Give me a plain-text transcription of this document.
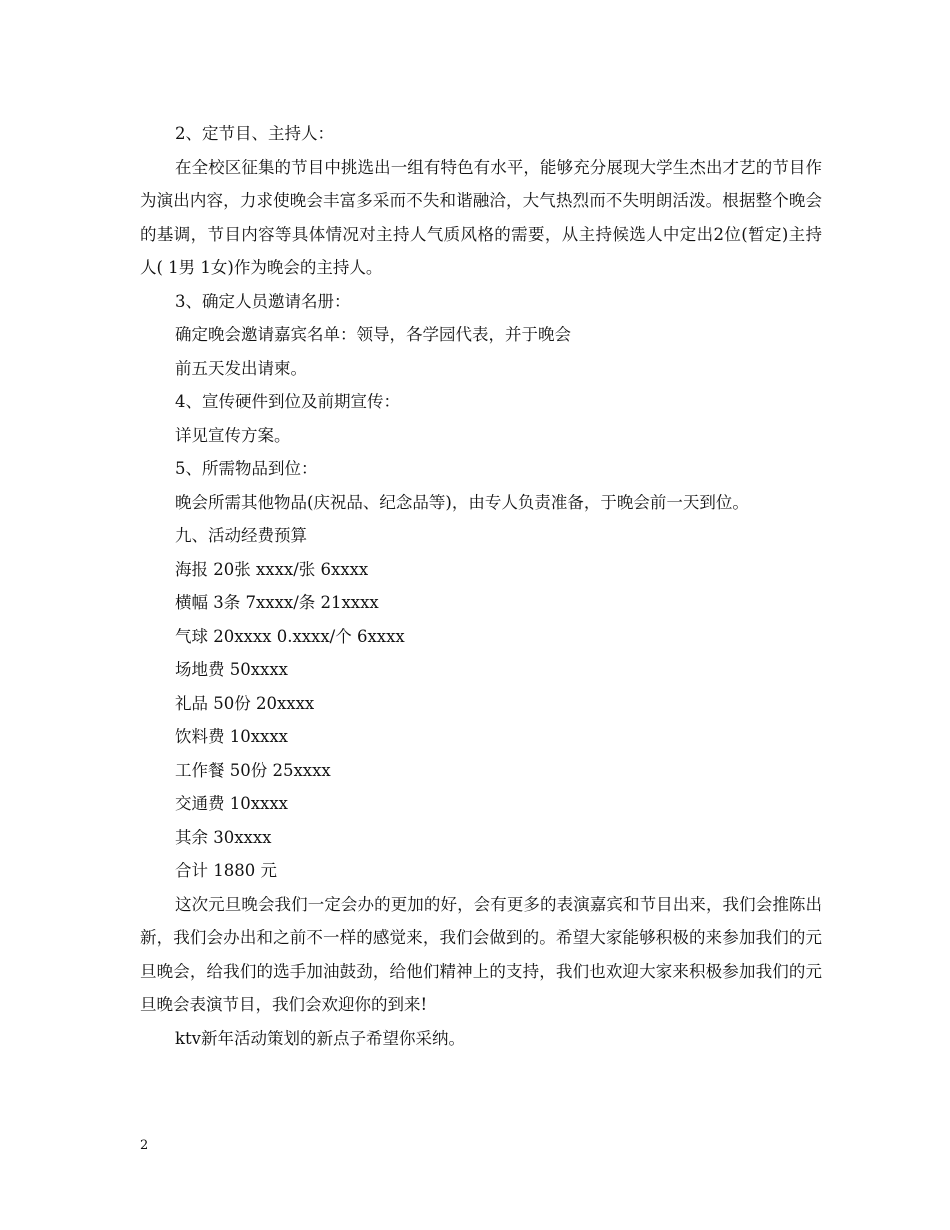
2、定节目、主持人：

在全校区征集的节目中挑选出一组有特色有水平，能够充分展现大学生杰出才艺的节目作为演出内容，力求使晚会丰富多采而不失和谐融洽，大气热烈而不失明朗活泼。根据整个晚会的基调，节目内容等具体情况对主持人气质风格的需要，从主持候选人中定出2位(暂定)主持人( 1男 1女)作为晚会的主持人。

3、确定人员邀请名册：

确定晚会邀请嘉宾名单：领导，各学园代表，并于晚会

前五天发出请柬。

4、宣传硬件到位及前期宣传：

详见宣传方案。

5、所需物品到位：

晚会所需其他物品(庆祝品、纪念品等)，由专人负责准备，于晚会前一天到位。

九、活动经费预算

海报 20张 xxxx/张 6xxxx

横幅 3条 7xxxx/条 21xxxx

气球 20xxxx 0.xxxx/个 6xxxx

场地费 50xxxx

礼品 50份 20xxxx

饮料费 10xxxx

工作餐 50份 25xxxx

交通费 10xxxx

其余 30xxxx

合计 1880 元

这次元旦晚会我们一定会办的更加的好，会有更多的表演嘉宾和节目出来，我们会推陈出新，我们会办出和之前不一样的感觉来，我们会做到的。希望大家能够积极的来参加我们的元旦晚会，给我们的选手加油鼓劲，给他们精神上的支持，我们也欢迎大家来积极参加我们的元旦晚会表演节目，我们会欢迎你的到来!

ktv新年活动策划的新点子希望你采纳。

2
